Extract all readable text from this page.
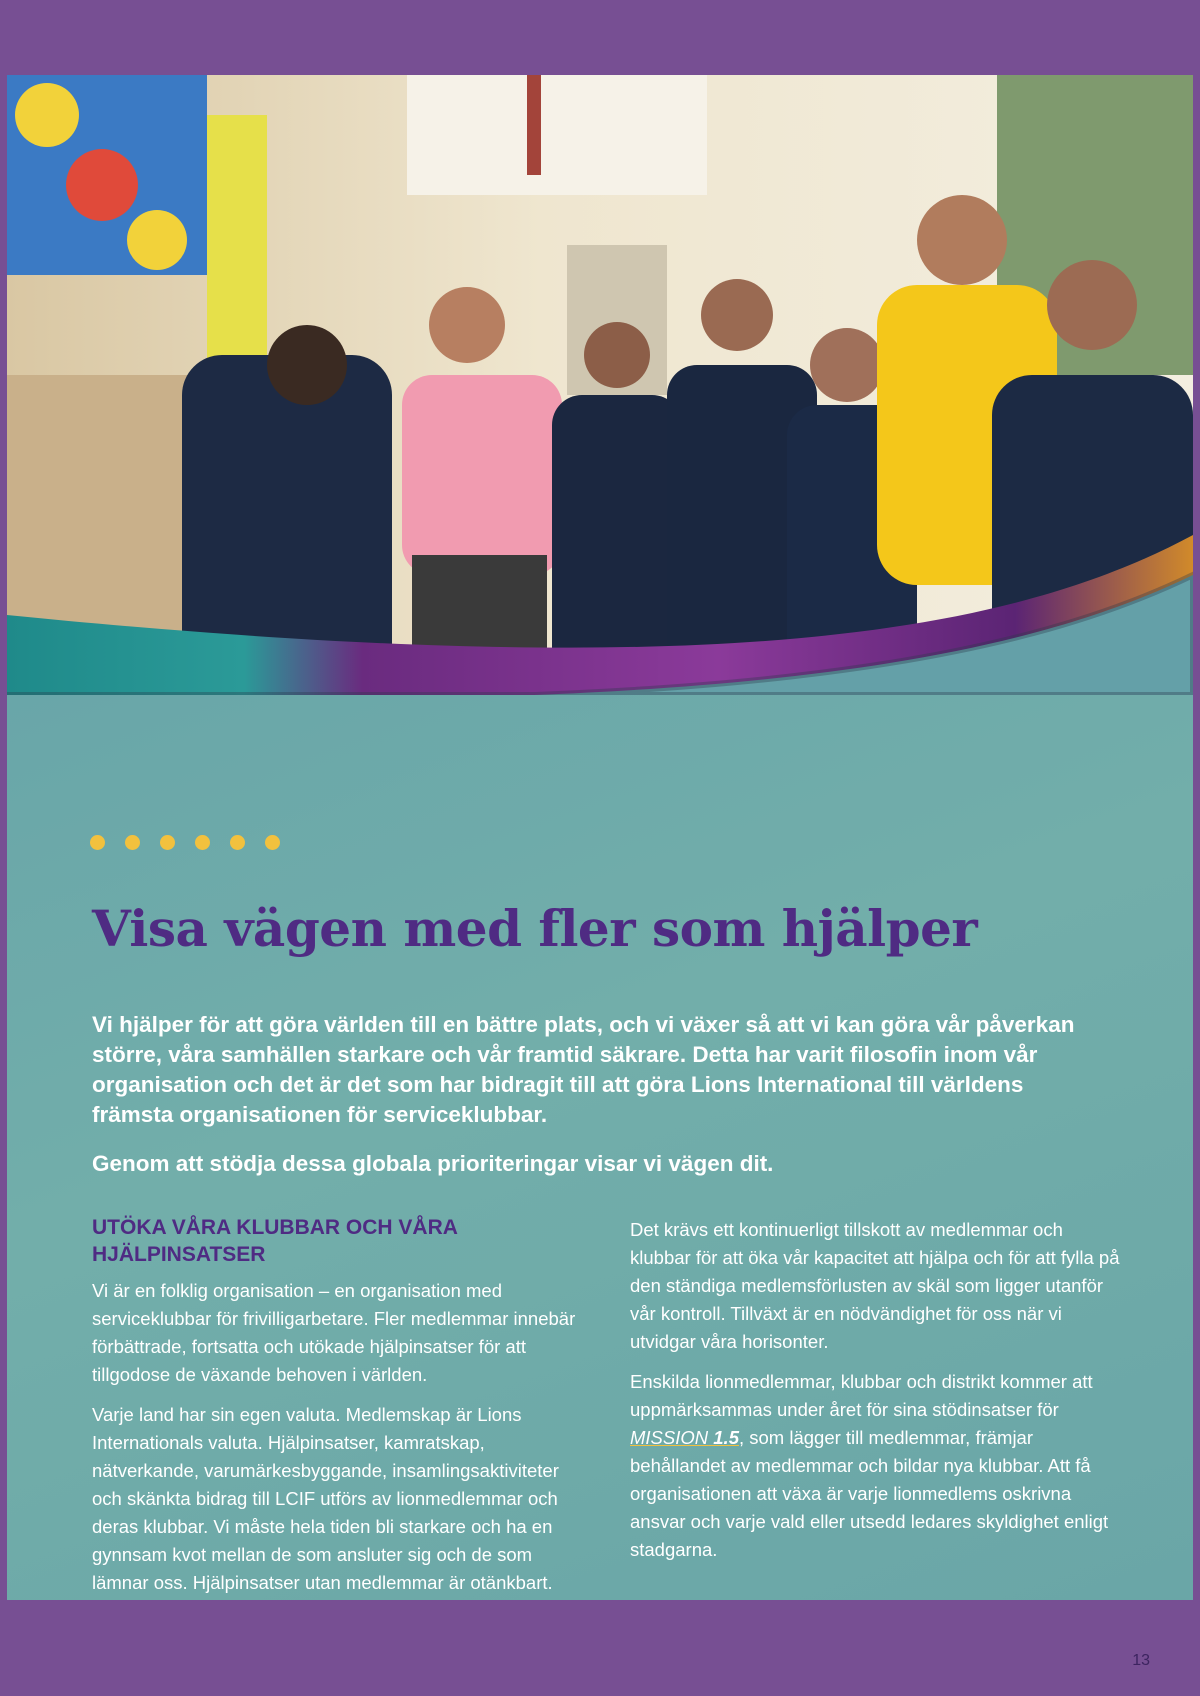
Visa vägen med fler som hjälper

Vi hjälper för att göra världen till en bättre plats, och vi växer så att vi kan göra vår påverkan större, våra samhällen starkare och vår framtid säkrare. Detta har varit filosofin inom vår organisation och det är det som har bidragit till att göra Lions International till världens främsta organisationen för serviceklubbar.

Genom att stödja dessa globala prioriteringar visar vi vägen dit.

UTÖKA VÅRA KLUBBAR OCH VÅRA HJÄLPINSATSER

Vi är en folklig organisation – en organisation med serviceklubbar för frivilligarbetare. Fler medlemmar innebär förbättrade, fortsatta och utökade hjälpinsatser för att tillgodose de växande behoven i världen.

Varje land har sin egen valuta. Medlemskap är Lions Internationals valuta. Hjälpinsatser, kamratskap, nätverkande, varumärkesbyggande, insamlingsaktiviteter och skänkta bidrag till LCIF utförs av lionmedlemmar och deras klubbar. Vi måste hela tiden bli starkare och ha en gynnsam kvot mellan de som ansluter sig och de som lämnar oss. Hjälpinsatser utan medlemmar är otänkbart.

Det krävs ett kontinuerligt tillskott av medlemmar och klubbar för att öka vår kapacitet att hjälpa och för att fylla på den ständiga medlemsförlusten av skäl som ligger utanför vår kontroll. Tillväxt är en nödvändighet för oss när vi utvidgar våra horisonter.

Enskilda lionmedlemmar, klubbar och distrikt kommer att uppmärksammas under året för sina stödinsatser för MISSION 1.5, som lägger till medlemmar, främjar behållandet av medlemmar och bildar nya klubbar. Att få organisationen att växa är varje lionmedlems oskrivna ansvar och varje vald eller utsedd ledares skyldighet enligt stadgarna.

13
